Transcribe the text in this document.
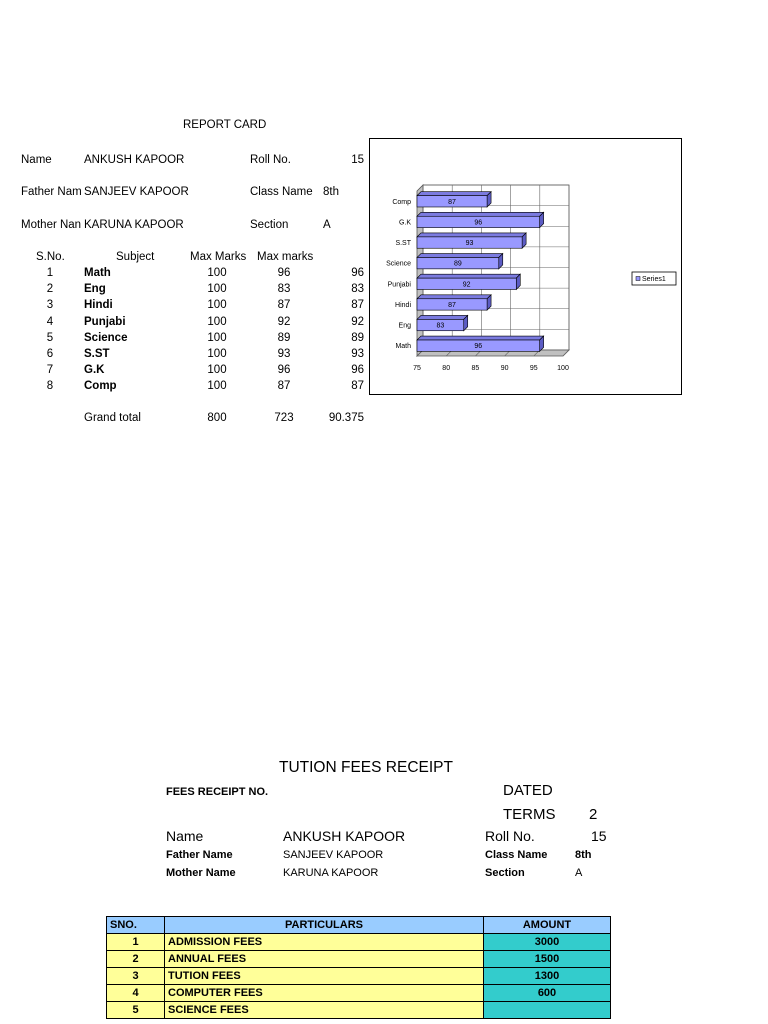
REPORT CARD
Name	ANKUSH KAPOOR	Roll No.	15
Father Nam SANJEEV KAPOOR	Class Name 8th
Mother Nan KARUNA KAPOOR	Section	A
S.No.	Subject	Max Marks Max marks
1	Math	100	96	96
2	Eng	100	83	83
3	Hindi	100	87	87
4	Punjabi	100	92	92
5	Science	100	89	89
6	S.ST	100	93	93
7	G.K	100	96	96
8	Comp	100	87	87
Grand total	800	723	90.375
75	80	85	90	95	100
96
Math
83
Eng
87
Hindi
92
Punjabi
89
Science
93
S.ST
96
G.K
87
Comp
Series1
TUTION FEES RECEIPT
FEES RECEIPT NO.	DATED
TERMS 2
Name	ANKUSH KAPOOR	Roll No.	15
Father Name	SANJEEV KAPOOR	Class Name	8th
Mother Name	KARUNA KAPOOR	Section	A
SNO.	PARTICULARS	AMOUNT
1	ADMISSION FEES	3000
2	ANNUAL FEES	1500
3	TUTION FEES	1300
4	COMPUTER FEES	600
5	SCIENCE FEES	
